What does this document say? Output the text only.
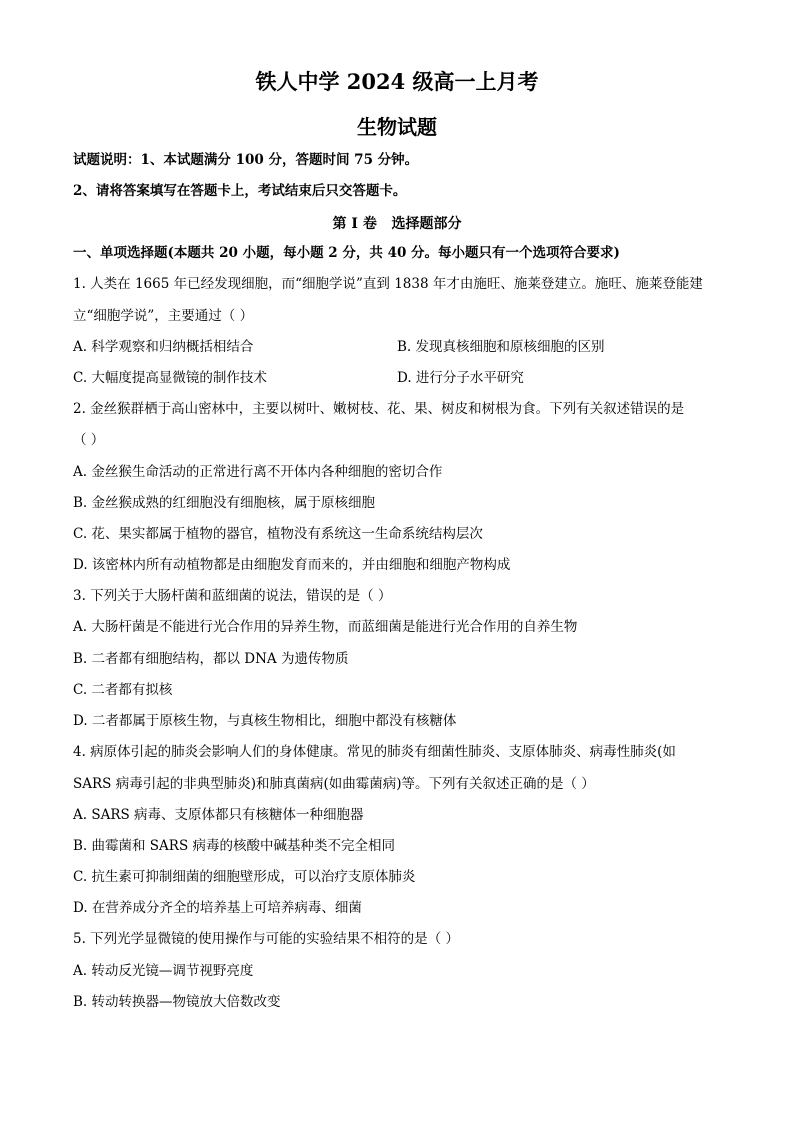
铁人中学 2024 级高一上月考
生物试题
试题说明：1、本试题满分 100 分，答题时间 75 分钟。
2、请将答案填写在答题卡上，考试结束后只交答题卡。
第 I 卷   选择题部分
一、单项选择题(本题共 20 小题，每小题 2 分，共 40 分。每小题只有一个选项符合要求)
1. 人类在 1665 年已经发现细胞，而“细胞学说”直到 1838 年才由施旺、施莱登建立。施旺、施莱登能建
立“细胞学说”，主要通过（ ）
A. 科学观察和归纳概括相结合	B. 发现真核细胞和原核细胞的区别
C. 大幅度提高显微镜的制作技术	D. 进行分子水平研究
2. 金丝猴群栖于高山密林中，主要以树叶、嫩树枝、花、果、树皮和树根为食。下列有关叙述错误的是
（ ）
A. 金丝猴生命活动的正常进行离不开体内各种细胞的密切合作
B. 金丝猴成熟的红细胞没有细胞核，属于原核细胞
C. 花、果实都属于植物的器官，植物没有系统这一生命系统结构层次
D. 该密林内所有动植物都是由细胞发育而来的，并由细胞和细胞产物构成
3. 下列关于大肠杆菌和蓝细菌的说法，错误的是（ ）
A. 大肠杆菌是不能进行光合作用的异养生物，而蓝细菌是能进行光合作用的自养生物
B. 二者都有细胞结构，都以 DNA 为遗传物质
C. 二者都有拟核
D. 二者都属于原核生物，与真核生物相比，细胞中都没有核糖体
4. 病原体引起的肺炎会影响人们的身体健康。常见的肺炎有细菌性肺炎、支原体肺炎、病毒性肺炎(如
SARS 病毒引起的非典型肺炎)和肺真菌病(如曲霉菌病)等。下列有关叙述正确的是（ ）
A. SARS 病毒、支原体都只有核糖体一种细胞器
B. 曲霉菌和 SARS 病毒的核酸中碱基种类不完全相同
C. 抗生素可抑制细菌的细胞壁形成，可以治疗支原体肺炎
D. 在营养成分齐全的培养基上可培养病毒、细菌
5. 下列光学显微镜的使用操作与可能的实验结果不相符的是（ ）
A. 转动反光镜—调节视野亮度
B. 转动转换器—物镜放大倍数改变
